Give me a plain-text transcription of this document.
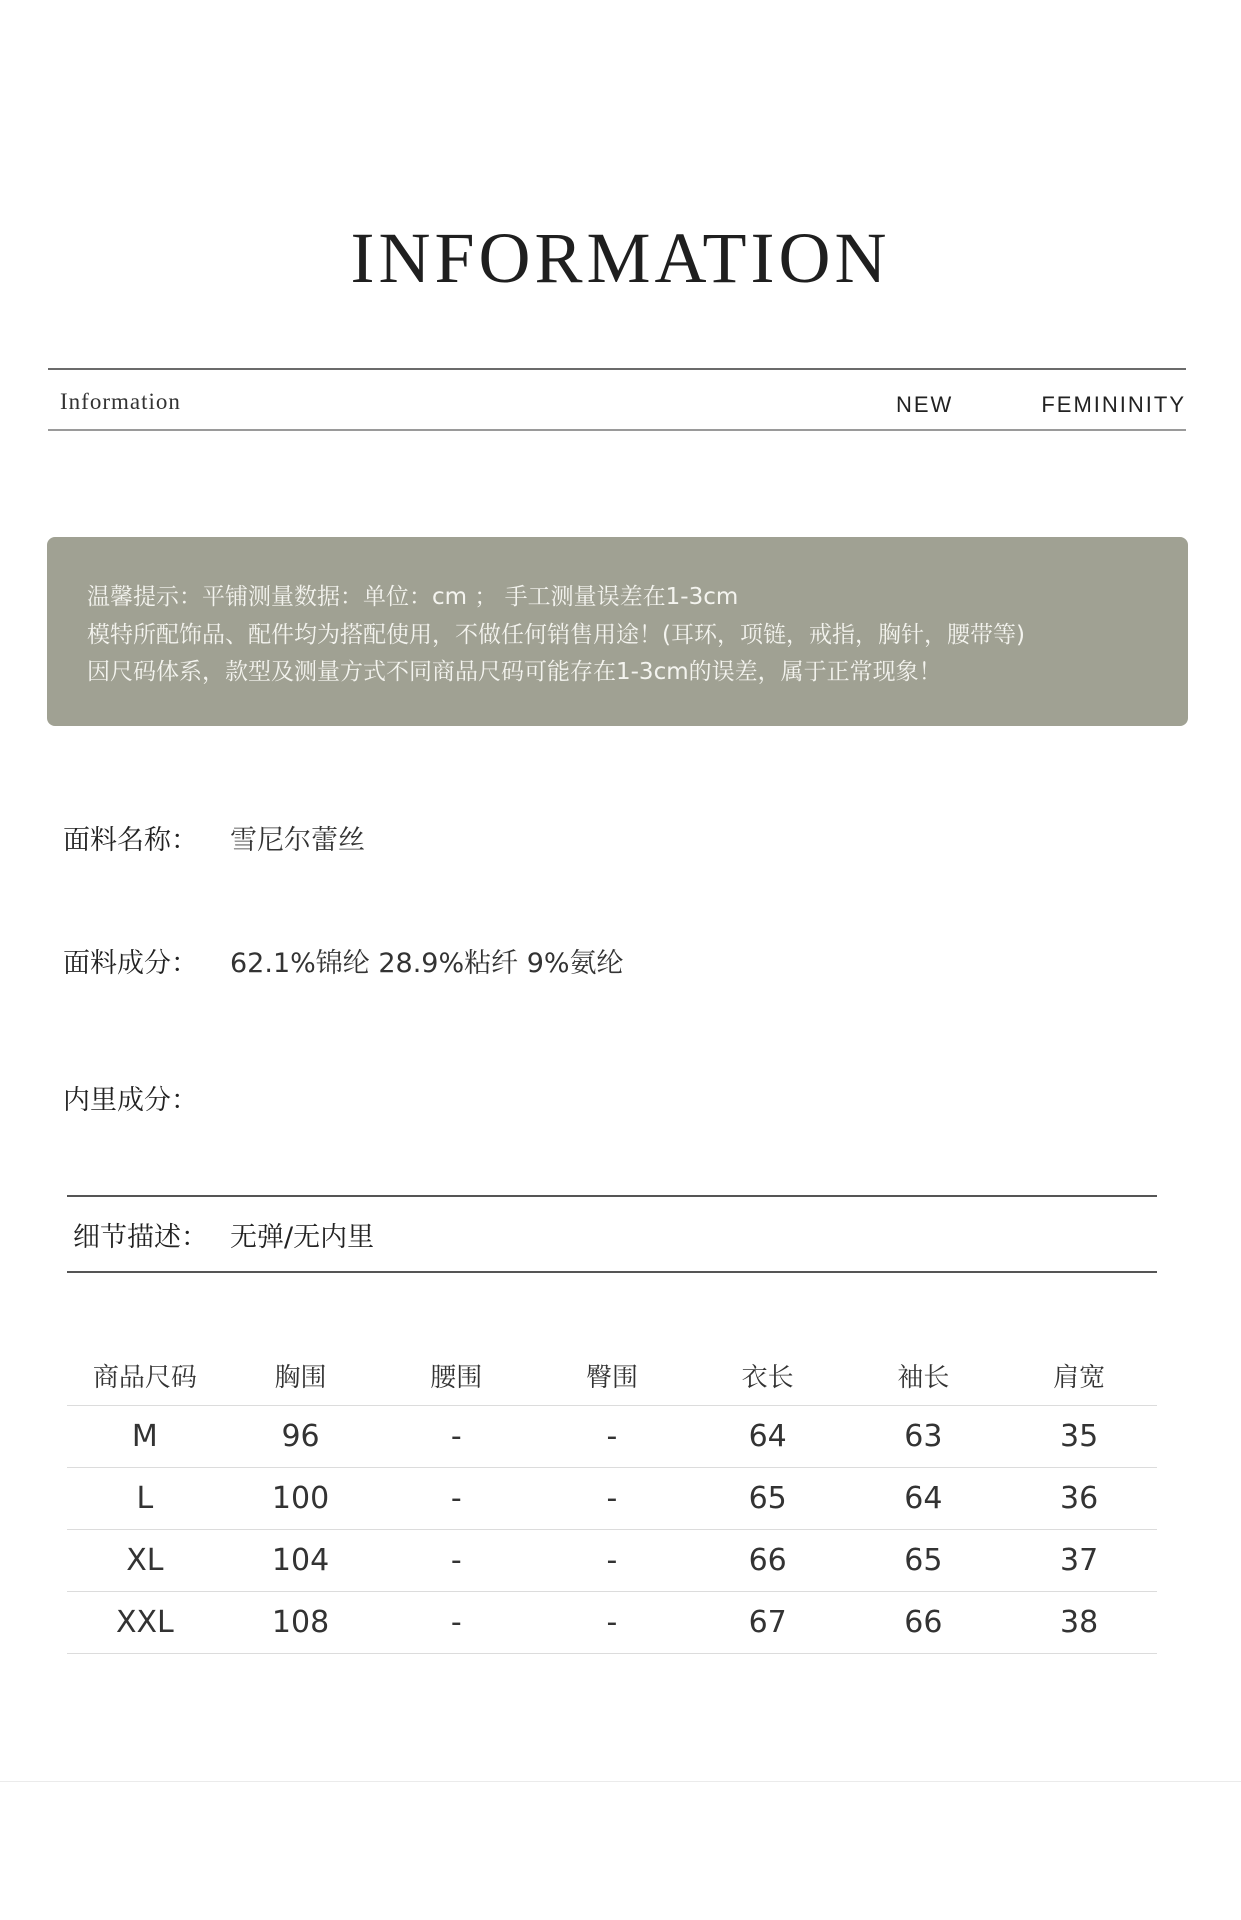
INFORMATION
Information	NEW	FEMININITY
温馨提示：平铺测量数据：单位：cm ； 手工测量误差在1-3cm
模特所配饰品、配件均为搭配使用，不做任何销售用途！(耳环，项链，戒指，胸针，腰带等)
因尺码体系，款型及测量方式不同商品尺码可能存在1-3cm的误差，属于正常现象！
面料名称： 雪尼尔蕾丝
面料成分： 62.1%锦纶 28.9%粘纤 9%氨纶
内里成分：
细节描述： 无弹/无内里
商品尺码	胸围	腰围	臀围	衣长	袖长	肩宽
M	96	-	-	64	63	35
L	100	-	-	65	64	36
XL	104	-	-	66	65	37
XXL	108	-	-	67	66	38
